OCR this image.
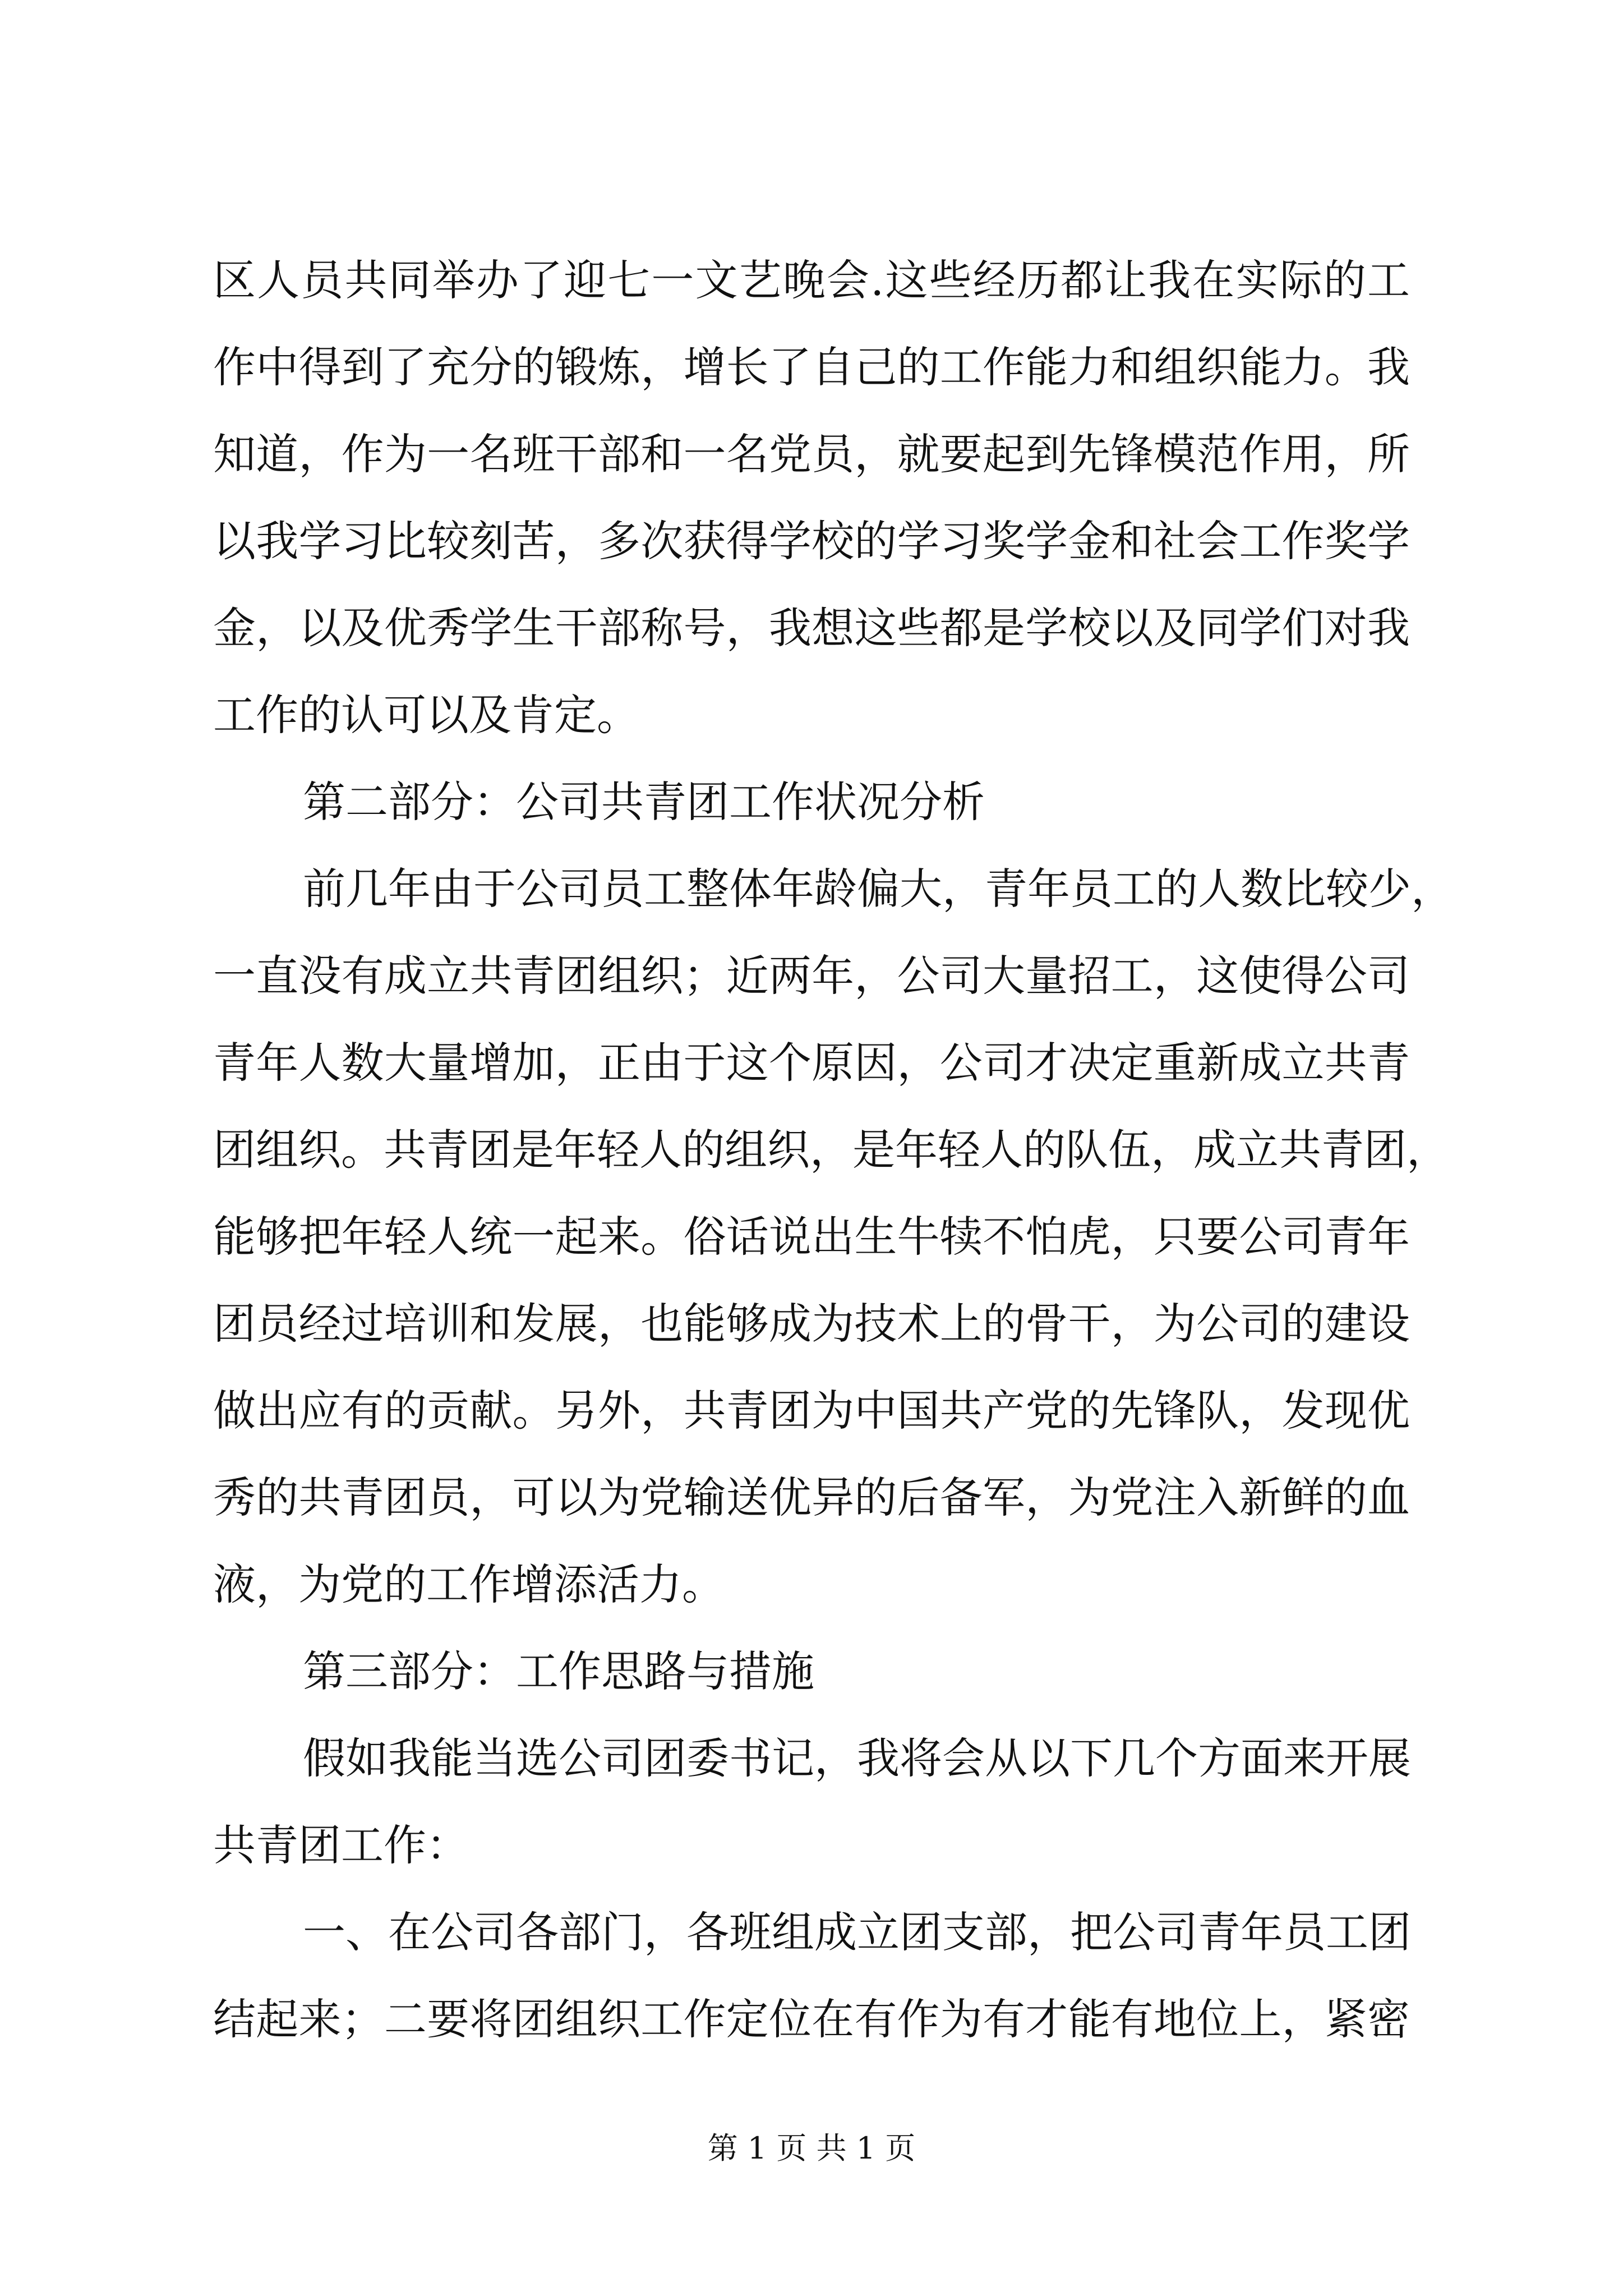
区人员共同举办了迎七一文艺晚会.这些经历都让我在实际的工
作中得到了充分的锻炼，增长了自己的工作能力和组织能力。我
知道，作为一名班干部和一名党员，就要起到先锋模范作用，所
以我学习比较刻苦，多次获得学校的学习奖学金和社会工作奖学
金，以及优秀学生干部称号，我想这些都是学校以及同学们对我
工作的认可以及肯定。
第二部分：公司共青团工作状况分析
前几年由于公司员工整体年龄偏大，青年员工的人数比较少，
一直没有成立共青团组织；近两年，公司大量招工，这使得公司
青年人数大量增加，正由于这个原因，公司才决定重新成立共青
团组织。共青团是年轻人的组织，是年轻人的队伍，成立共青团，
能够把年轻人统一起来。俗话说出生牛犊不怕虎，只要公司青年
团员经过培训和发展，也能够成为技术上的骨干，为公司的建设
做出应有的贡献。另外，共青团为中国共产党的先锋队，发现优
秀的共青团员，可以为党输送优异的后备军，为党注入新鲜的血
液，为党的工作增添活力。
第三部分：工作思路与措施
假如我能当选公司团委书记，我将会从以下几个方面来开展
共青团工作：
一、在公司各部门，各班组成立团支部，把公司青年员工团
结起来；二要将团组织工作定位在有作为有才能有地位上，紧密
第 1 页 共 1 页
